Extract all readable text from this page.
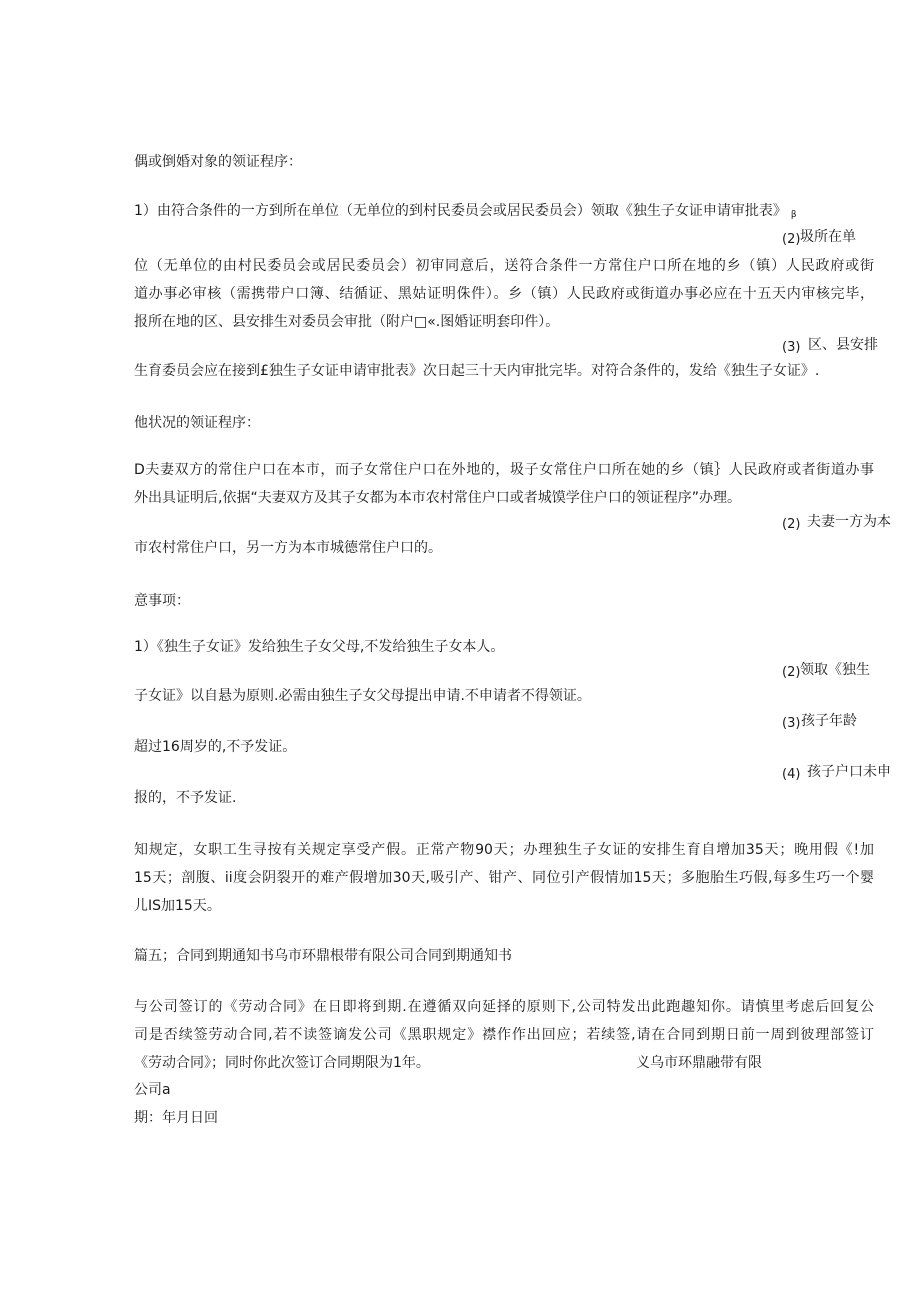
偶或倒婚对象的领证程序：
1）由符合条件的一方到所在单位（无单位的到村民委员会或居民委员会）领取《独生子女证申请审批表》 $_\beta$
(2) 圾所在单
位（无单位的由村民委员会或居民委员会）初审同意后，送符合条件一方常住户口所在地的乡（镇）人民政府或街
道办事必审核（需携带户口簿、结循证、黑姑证明侏件）。乡（镇）人民政府或街道办事必应在十五天内审核完毕，
报所在地的区、县安排生对委员会审批（附户□«.图婚证明套印件）。
(3) 区、县安排
生育委员会应在接到£独生子女证申请审批表》次日起三十天内审批完毕。对符合条件的，发给《独生子女证》.
他状况的领证程序：
D夫妻双方的常住户口在本市，而子女常住户口在外地的，圾子女常住户口所在她的乡（镇｝人民政府或者街道办事
外出具证明后,依据“夫妻双方及其子女都为本市农村常住户口或者城馍学住户口的领证程序”办理。
(2) 夫妻一方为本
市农村常住户口，另一方为本市城德常住户口的。
意事项：
1）《独生子女证》发给独生子女父母,不发给独生子女本人。
(2) 领取《独生
子女证》以自悬为原则.必需由独生子女父母提出申请.不申请者不得领证。
(3) 孩子年龄
超过16周岁的,不予发证。
(4) 孩子户口未申
报的，不予发证.
知规定，女职工生寻按有关规定享受产假。正常产物90天；办理独生子女证的安排生育自增加35天；晚用假《!加
15天；剖腹、ii度会阴裂开的难产假增加30天,吸引产、钳产、同位引产假情加15天；多胞胎生巧假,每多生巧一个婴
儿IS加15天。
篇五；合同到期通知书乌市环鼎根带有限公司合同到期通知书
与公司签订的《劳动合同》在日即将到期.在遵循双向延择的原则下,公司特发出此跑趣知你。请慎里考虑后回复公
司是否续签劳动合同,若不读签谪发公司《黑职规定》襟作作出回应；若续签,请在合同到期日前一周到彼理部签订
《劳动合同》；同时你此次签订合同期限为1年。	义乌市环鼎融带有限
公司a
期：年月日回
